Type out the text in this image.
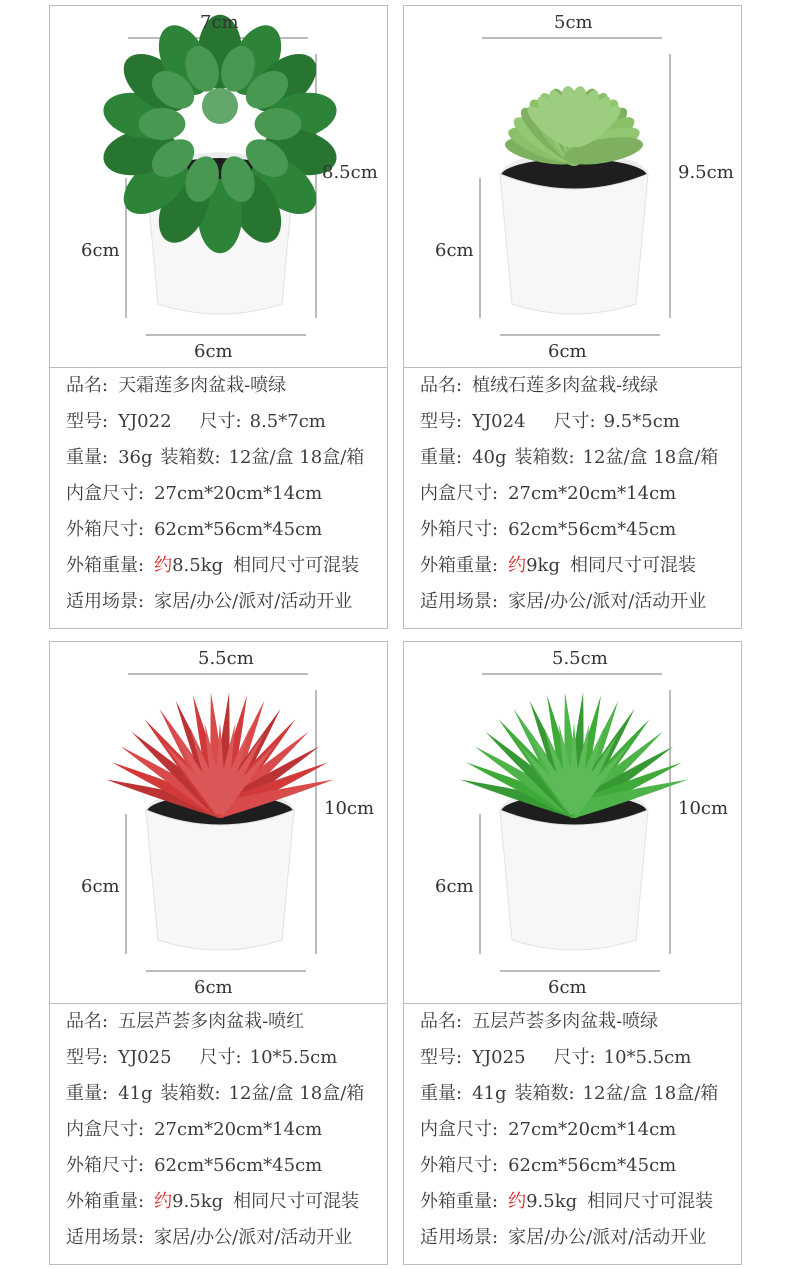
7cm
8.5cm
6cm
6cm
品名: 天霜莲多肉盆栽-喷绿
型号: YJ022 尺寸: 8.5*7cm
重量: 36g 装箱数: 12盆/盒 18盒/箱
内盒尺寸: 27cm*20cm*14cm
外箱尺寸: 62cm*56cm*45cm
外箱重量: 约8.5kg 相同尺寸可混装
适用场景: 家居/办公/派对/活动开业
5cm
9.5cm
6cm
6cm
品名: 植绒石莲多肉盆栽-绒绿
型号: YJ024 尺寸: 9.5*5cm
重量: 40g 装箱数: 12盆/盒 18盒/箱
内盒尺寸: 27cm*20cm*14cm
外箱尺寸: 62cm*56cm*45cm
外箱重量: 约9kg 相同尺寸可混装
适用场景: 家居/办公/派对/活动开业
5.5cm
10cm
6cm
6cm
品名: 五层芦荟多肉盆栽-喷红
型号: YJ025 尺寸: 10*5.5cm
重量: 41g 装箱数: 12盆/盒 18盒/箱
内盒尺寸: 27cm*20cm*14cm
外箱尺寸: 62cm*56cm*45cm
外箱重量: 约9.5kg 相同尺寸可混装
适用场景: 家居/办公/派对/活动开业
5.5cm
10cm
6cm
6cm
品名: 五层芦荟多肉盆栽-喷绿
型号: YJ025 尺寸: 10*5.5cm
重量: 41g 装箱数: 12盆/盒 18盒/箱
内盒尺寸: 27cm*20cm*14cm
外箱尺寸: 62cm*56cm*45cm
外箱重量: 约9.5kg 相同尺寸可混装
适用场景: 家居/办公/派对/活动开业
